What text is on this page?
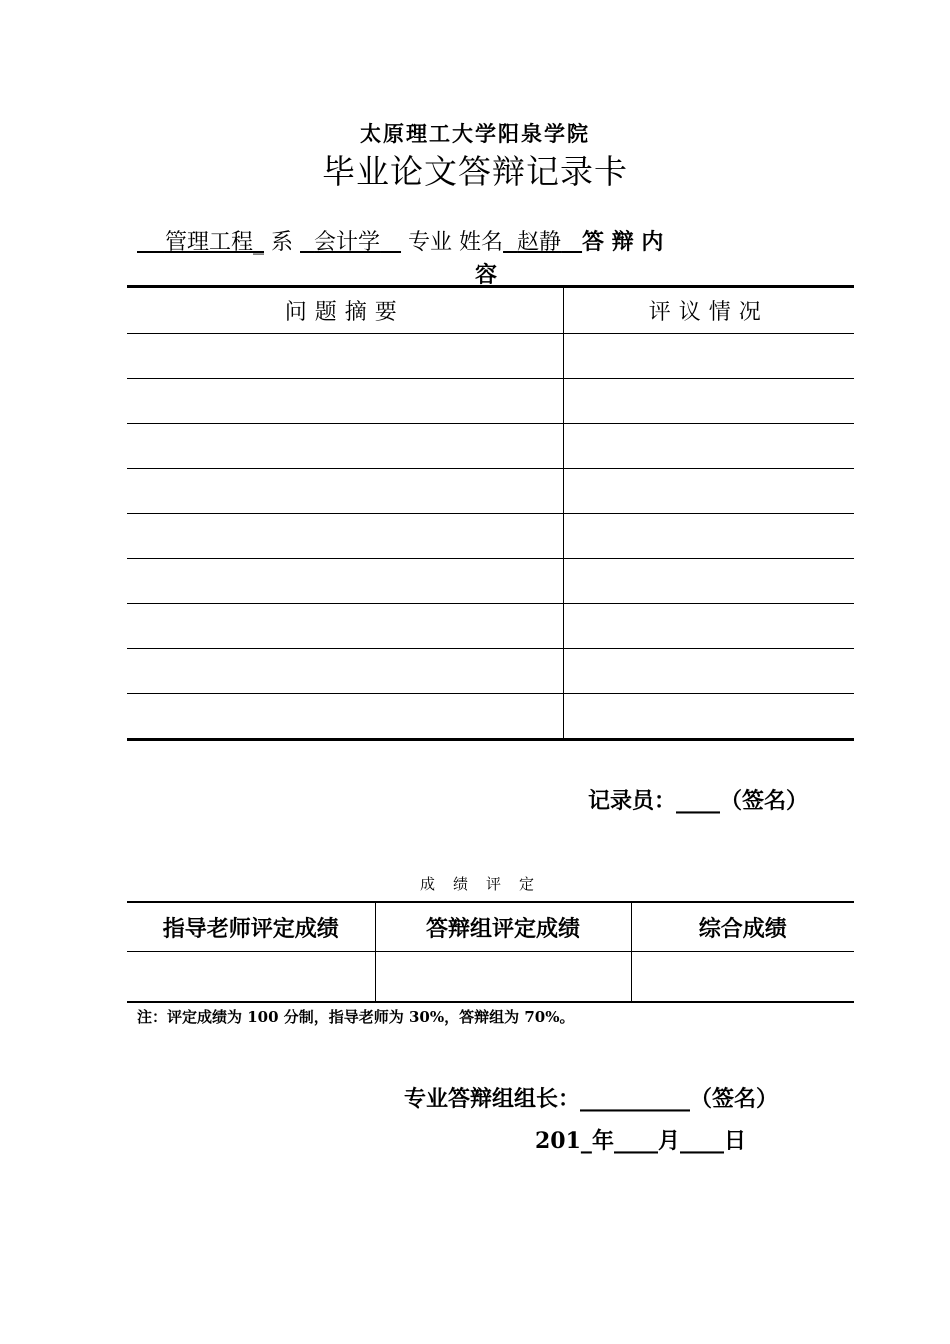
太原理工大学阳泉学院
毕业论文答辩记录卡
管理工程_ 系 会计学 专业 姓名 赵静 答 辩 内
容
问题摘要	评议情况

记录员：____（签名）
成绩评定
指导老师评定成绩	答辩组评定成绩	综合成绩

注：评定成绩为 100 分制，指导老师为 30%，答辩组为 70%。
专业答辩组组长：__________（签名）
201_年____月____日
